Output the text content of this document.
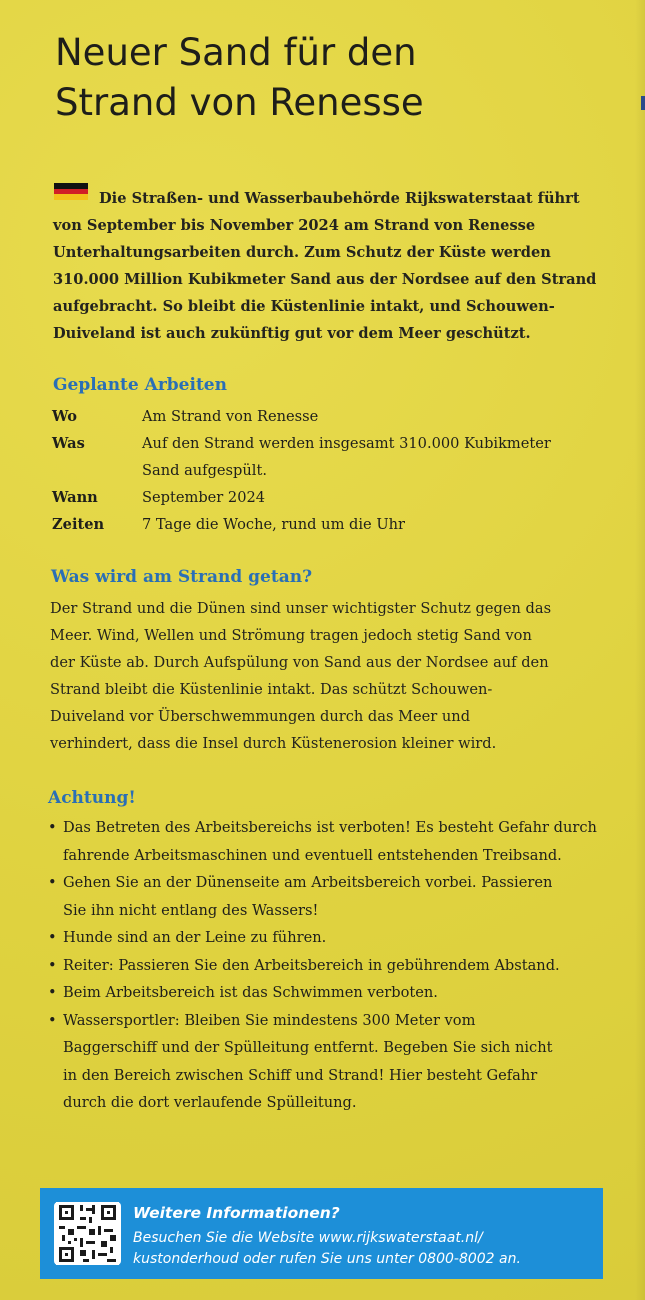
Neuer Sand für den
Strand von Renesse
Die Straßen- und Wasserbaubehörde Rijkswaterstaat führt
von September bis November 2024 am Strand von Renesse
Unterhaltungsarbeiten durch. Zum Schutz der Küste werden
310.000 Million Kubikmeter Sand aus der Nordsee auf den Strand
aufgebracht. So bleibt die Küstenlinie intakt, und Schouwen-
Duiveland ist auch zukünftig gut vor dem Meer geschützt.
Geplante Arbeiten
Wo	Am Strand von Renesse
Was	Auf den Strand werden insgesamt 310.000 Kubikmeter
Sand aufgespült.
Wann	September 2024
Zeiten	7 Tage die Woche, rund um die Uhr
Was wird am Strand getan?
Der Strand und die Dünen sind unser wichtigster Schutz gegen das
Meer. Wind, Wellen und Strömung tragen jedoch stetig Sand von
der Küste ab. Durch Aufspülung von Sand aus der Nordsee auf den
Strand bleibt die Küstenlinie intakt. Das schützt Schouwen-
Duiveland vor Überschwemmungen durch das Meer und
verhindert, dass die Insel durch Küstenerosion kleiner wird.
Achtung!
• Das Betreten des Arbeitsbereichs ist verboten! Es besteht Gefahr durch
fahrende Arbeitsmaschinen und eventuell entstehenden Treibsand.
• Gehen Sie an der Dünenseite am Arbeitsbereich vorbei. Passieren
Sie ihn nicht entlang des Wassers!
• Hunde sind an der Leine zu führen.
• Reiter: Passieren Sie den Arbeitsbereich in gebührendem Abstand.
• Beim Arbeitsbereich ist das Schwimmen verboten.
• Wassersportler: Bleiben Sie mindestens 300 Meter vom
Baggerschiff und der Spülleitung entfernt. Begeben Sie sich nicht
in den Bereich zwischen Schiff und Strand! Hier besteht Gefahr
durch die dort verlaufende Spülleitung.
Weitere Informationen?
Besuchen Sie die Website www.rijkswaterstaat.nl/
kustonderhoud oder rufen Sie uns unter 0800-8002 an.
